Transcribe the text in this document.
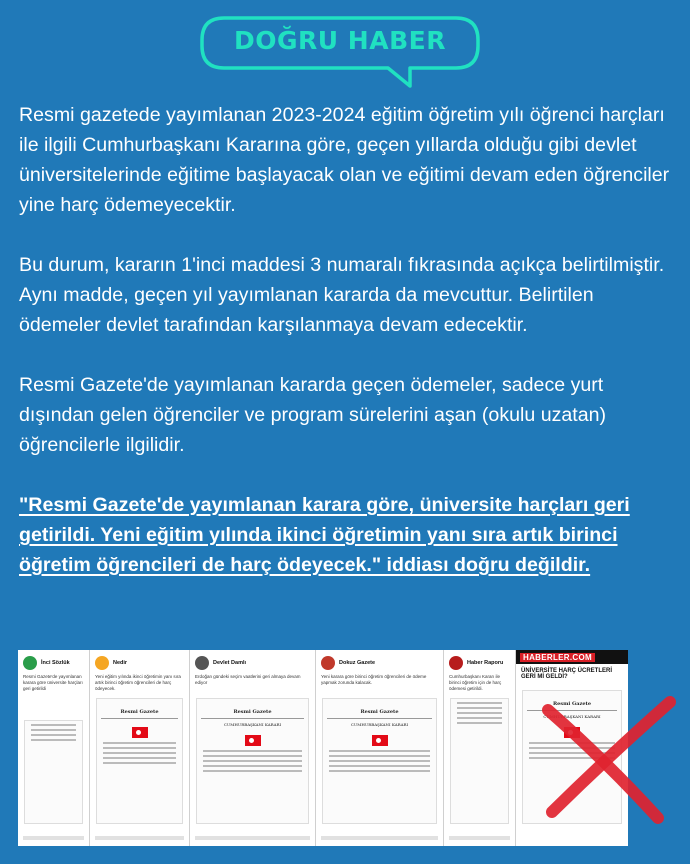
DOĞRU HABER

Resmi gazetede yayımlanan 2023-2024 eğitim öğretim yılı öğrenci harçları ile ilgili Cumhurbaşkanı Kararına göre, geçen yıllarda olduğu gibi devlet üniversitelerinde eğitime başlayacak olan ve eğitimi devam eden öğrenciler yine harç ödemeyecektir.

Bu durum, kararın 1'inci maddesi 3 numaralı fıkrasında açıkça belirtilmiştir. Aynı madde, geçen yıl yayımlanan kararda da mevcuttur. Belirtilen ödemeler devlet tarafından karşılanmaya devam edecektir.

Resmi Gazete'de yayımlanan kararda geçen ödemeler, sadece yurt dışından gelen öğrenciler ve program sürelerini aşan (okulu uzatan) öğrencilerle ilgilidir.

"Resmi Gazete'de yayımlanan karara göre, üniversite harçları geri getirildi. Yeni eğitim yılında ikinci öğretimin yanı sıra artık birinci öğretim öğrencileri de harç ödeyecek." iddiası doğru değildir.

İnci Sözlük
Resmi Gazete'de yayımlanan karara göre üniversite harçları geri getirildi
Nedir
Yeni eğitim yılında ikinci öğretimin yanı sıra artık birinci öğretim öğrencileri de harç ödeyecek.
Resmi Gazete
Devlet Damlı
Erdoğan gündeki seçim vaatlerini geri almaya devam ediyor
Resmi Gazete
CUMHURBAŞKANI KARARI
Dokuz Gazete
Yeni karara göre birinci öğretim öğrencileri de ödeme yapmak zorunda kalacak.
Resmi Gazete
CUMHURBAŞKANI KARARI
Haber Raporu
Cumhurbaşkanı Kararı ile birinci öğretim için de harç ödemesi getirildi.
HABERLER.COM
ÜNİVERSİTE HARÇ ÜCRETLERİ GERİ Mİ GELDİ?
Resmi Gazete
CUMHURBAŞKANI KARARI
